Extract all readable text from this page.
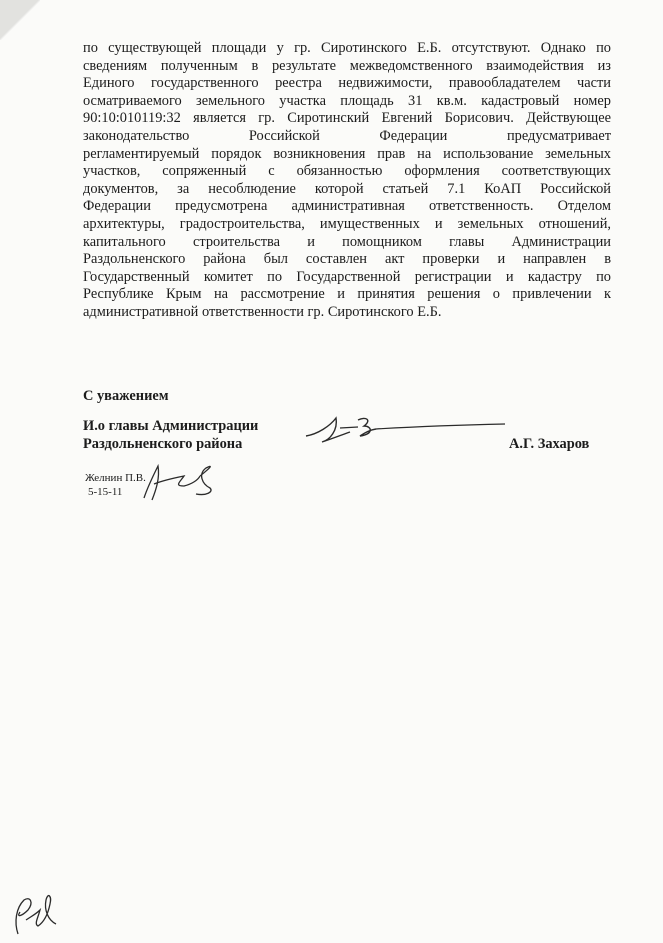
по существующей площади у гр. Сиротинского Е.Б. отсутствуют. Однако по
сведениям полученным в результате межведомственного взаимодействия из
Единого государственного реестра недвижимости, правообладателем части
осматриваемого земельного участка площадь 31 кв.м. кадастровый номер
90:10:010119:32 является гр. Сиротинский Евгений Борисович. Действующее
законодательство Российской Федерации предусматривает
регламентируемый порядок возникновения прав на использование земельных
участков, сопряженный с обязанностью оформления соответствующих
документов, за несоблюдение которой статьей 7.1 КоАП Российской
Федерации предусмотрена административная ответственность. Отделом
архитектуры, градостроительства, имущественных и земельных отношений,
капитального строительства и помощником главы Администрации
Раздольненского района был составлен акт проверки и направлен в
Государственный комитет по Государственной регистрации и кадастру по
Республике Крым на рассмотрение и принятия решения о привлечении к
административной ответственности гр. Сиротинского Е.Б.
С уважением
И.о главы Администрации
Раздольненского района	А.Г. Захаров
Желнин П.В.
5-15-11
